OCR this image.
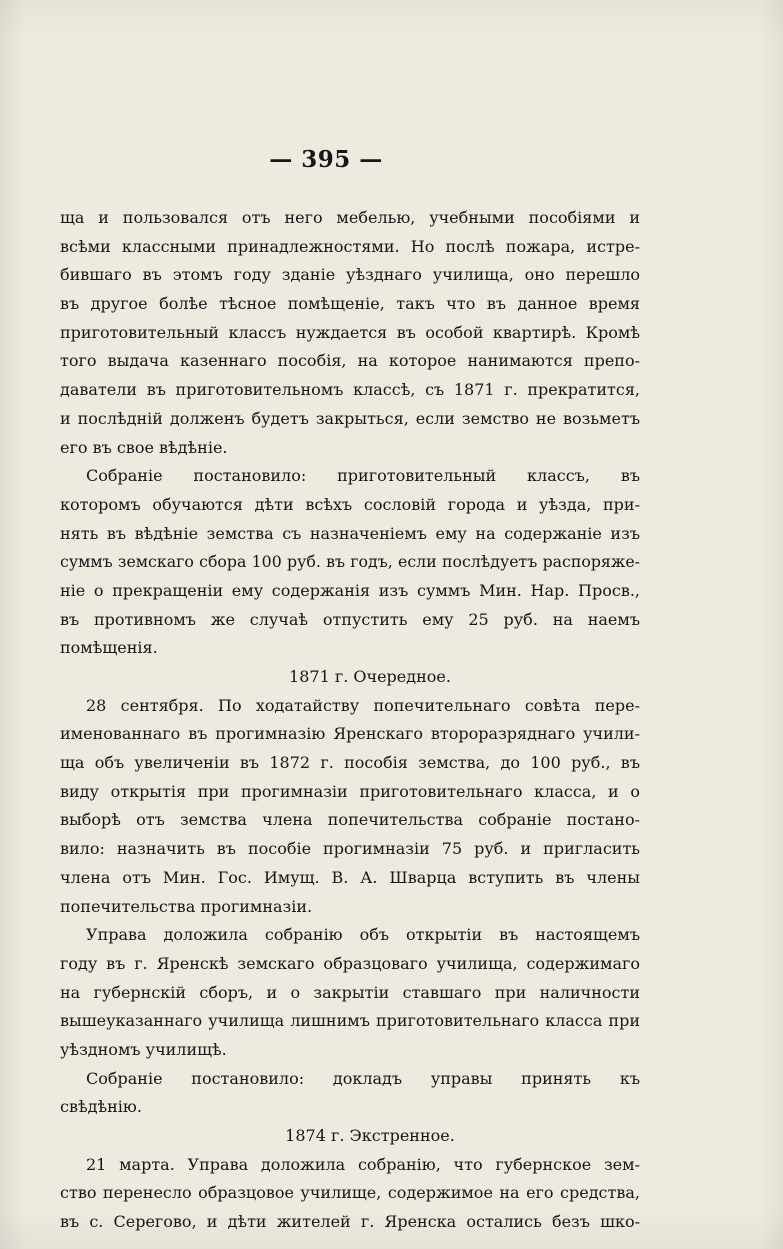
— 395 —
ща и пользовался отъ него мебелью, учебными пособіями и
всѣми классными принадлежностями. Но послѣ пожара, истре-
бившаго въ этомъ году зданіе уѣзднаго училища, оно перешло
въ другое болѣе тѣсное помѣщеніе, такъ что въ данное время
приготовительный классъ нуждается въ особой квартирѣ. Кромѣ
того выдача казеннаго пособія, на которое нанимаются препо-
даватели въ приготовительномъ классѣ, съ 1871 г. прекратится,
и послѣдній долженъ будетъ закрыться, если земство не возьметъ
его въ свое вѣдѣніе.
Собраніе постановило: приготовительный классъ, въ
которомъ обучаются дѣти всѣхъ сословій города и уѣзда, при-
нять въ вѣдѣніе земства съ назначеніемъ ему на содержаніе изъ
суммъ земскаго сбора 100 руб. въ годъ, если послѣдуетъ распоряже-
ніе о прекращеніи ему содержанія изъ суммъ Мин. Нар. Просв.,
въ противномъ же случаѣ отпустить ему 25 руб. на наемъ
помѣщенія.
1871 г. Очередное.
28 сентября. По ходатайству попечительнаго совѣта пере-
именованнаго въ прогимназію Яренскаго второразряднаго учили-
ща объ увеличеніи въ 1872 г. пособія земства, до 100 руб., въ
виду открытія при прогимназіи приготовительнаго класса, и о
выборѣ отъ земства члена попечительства собраніе постано-
вило: назначить въ пособіе прогимназіи 75 руб. и пригласить
члена отъ Мин. Гос. Имущ. В. А. Шварца вступить въ члены
попечительства прогимназіи.
Управа доложила собранію объ открытіи въ настоящемъ
году въ г. Яренскѣ земскаго образцоваго училища, содержимаго
на губернскій сборъ, и о закрытіи ставшаго при наличности
вышеуказаннаго училища лишнимъ приготовительнаго класса при
уѣздномъ училищѣ.
Собраніе постановило: докладъ управы принять къ
свѣдѣнію.
1874 г. Экстренное.
21 марта. Управа доложила собранію, что губернское зем-
ство перенесло образцовое училище, содержимое на его средства,
въ с. Серегово, и дѣти жителей г. Яренска остались безъ шко-
